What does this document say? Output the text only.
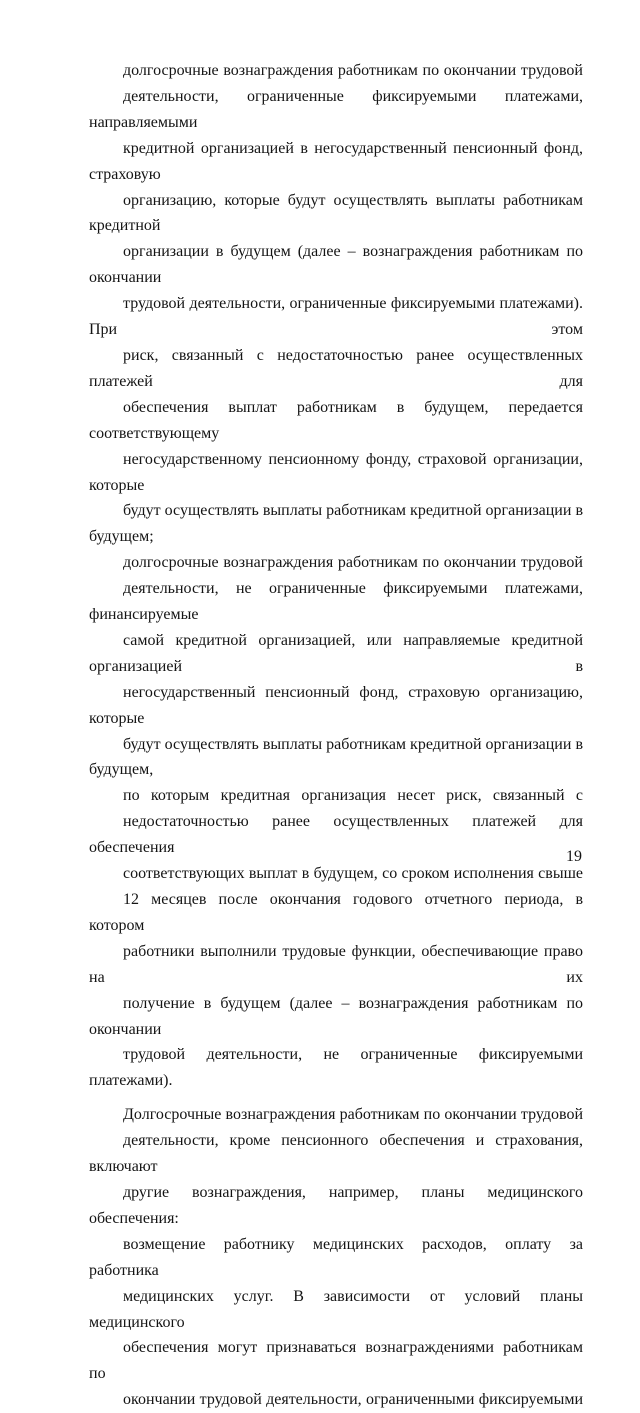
долгосрочные вознаграждения работникам по окончании трудовой
деятельности, ограниченные фиксируемыми платежами, направляемыми
кредитной организацией в негосударственный пенсионный фонд, страховую
организацию, которые будут осуществлять выплаты работникам кредитной
организации в будущем (далее – вознаграждения работникам по окончании
трудовой деятельности, ограниченные фиксируемыми платежами). При этом
риск, связанный с недостаточностью ранее осуществленных платежей для
обеспечения выплат работникам в будущем, передается соответствующему
негосударственному пенсионному фонду, страховой организации, которые
будут осуществлять выплаты работникам кредитной организации в будущем;

долгосрочные вознаграждения работникам по окончании трудовой
деятельности, не ограниченные фиксируемыми платежами, финансируемые
самой кредитной организацией, или направляемые кредитной организацией в
негосударственный пенсионный фонд, страховую организацию, которые
будут осуществлять выплаты работникам кредитной организации в будущем,
по которым кредитная организация несет риск, связанный с
недостаточностью ранее осуществленных платежей для обеспечения
соответствующих выплат в будущем, со сроком исполнения свыше
12 месяцев после окончания годового отчетного периода, в котором
работники выполнили трудовые функции, обеспечивающие право на их
получение в будущем (далее – вознаграждения работникам по окончании
трудовой деятельности, не ограниченные фиксируемыми платежами).

Долгосрочные вознаграждения работникам по окончании трудовой
деятельности, кроме пенсионного обеспечения и страхования, включают
другие вознаграждения, например, планы медицинского обеспечения:
возмещение работнику медицинских расходов, оплату за работника
медицинских услуг. В зависимости от условий планы медицинского
обеспечения могут признаваться вознаграждениями работникам по
окончании трудовой деятельности, ограниченными фиксируемыми

19
